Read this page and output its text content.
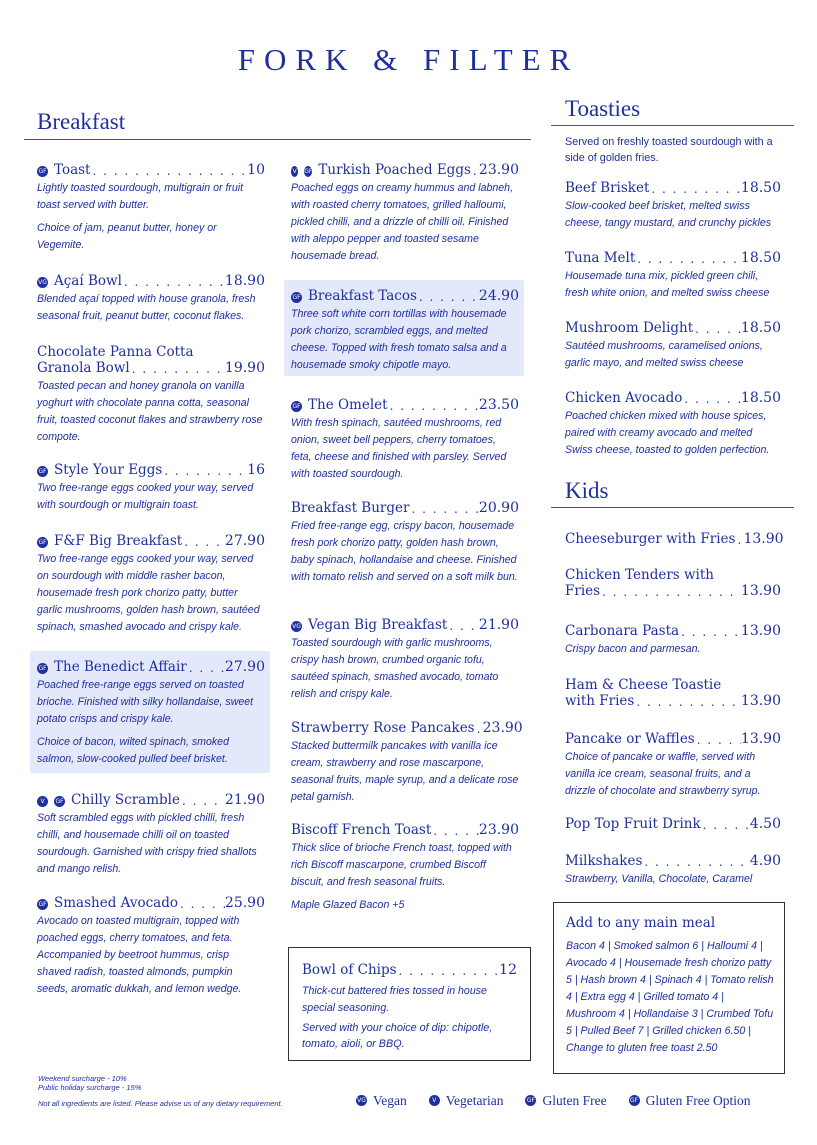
FORK & FILTER
Breakfast
Toasties
Kids
GF Toast . . .	10
Lightly toasted sourdough, multigrain or fruit toast served with butter.
Choice of jam, peanut butter, honey or Vegemite.
VG Açaí Bowl . . .	18.90
Blended açaí topped with house granola, fresh seasonal fruit, peanut butter, coconut flakes.
Chocolate Panna Cotta
Granola Bowl . . .	19.90
Toasted pecan and honey granola on vanilla yoghurt with chocolate panna cotta, seasonal fruit, toasted coconut flakes and strawberry rose compote.
GF Style Your Eggs . . .	16
Two free-range eggs cooked your way, served with sourdough or multigrain toast.
GF F&F Big Breakfast . . .	27.90
Two free-range eggs cooked your way, served on sourdough with middle rasher bacon, housemade fresh pork chorizo patty, butter garlic mushrooms, golden hash brown, sautéed spinach, smashed avocado and crispy kale.
GF The Benedict Affair . . .	27.90
Poached free-range eggs served on toasted brioche. Finished with silky hollandaise, sweet potato crisps and crispy kale.
Choice of bacon, wilted spinach, smoked salmon, slow-cooked pulled beef brisket.
V	GF Chilly Scramble . . .	21.90
Soft scrambled eggs with pickled chilli, fresh chilli, and housemade chilli oil on toasted sourdough. Garnished with crispy fried shallots and mango relish.
GF Smashed Avocado . . .	25.90
Avocado on toasted multigrain, topped with poached eggs, cherry tomatoes, and feta. Accompanied by beetroot hummus, crisp shaved radish, toasted almonds, pumpkin seeds, aromatic dukkah, and lemon wedge.
V GF Turkish Poached Eggs . . . 23.90
Poached eggs on creamy hummus and labneh, with roasted cherry tomatoes, grilled halloumi, pickled chilli, and a drizzle of chilli oil. Finished with aleppo pepper and toasted sesame housemade bread.
GF Breakfast Tacos . . .	24.90
Three soft white corn tortillas with housemade pork chorizo, scrambled eggs, and melted cheese. Topped with fresh tomato salsa and a housemade smoky chipotle mayo.
GF The Omelet . . .	23.50
With fresh spinach, sautéed mushrooms, red onion, sweet bell peppers, cherry tomatoes, feta, cheese and finished with parsley. Served with toasted sourdough.
Breakfast Burger . . .	20.90
Fried free-range egg, crispy bacon, housemade fresh pork chorizo patty, golden hash brown, baby spinach, hollandaise and cheese. Finished with tomato relish and served on a soft milk bun.
VG Vegan Big Breakfast . . . 21.90
Toasted sourdough with garlic mushrooms, crispy hash brown, crumbed organic tofu, sautéed spinach, smashed avocado, tomato relish and crispy kale.
Strawberry Rose Pancakes . . . 23.90
Stacked buttermilk pancakes with vanilla ice cream, strawberry and rose mascarpone, seasonal fruits, maple syrup, and a delicate rose petal garnish.
Biscoff French Toast . . .	23.90
Thick slice of brioche French toast, topped with rich Biscoff mascarpone, crumbed Biscoff biscuit, and fresh seasonal fruits.
Maple Glazed Bacon +5
Served on freshly toasted sourdough with a side of golden fries.
Beef Brisket . . .	18.50
Slow-cooked beef brisket, melted swiss cheese, tangy mustard, and crunchy pickles
Tuna Melt . . .	18.50
Housemade tuna mix, pickled green chili, fresh white onion, and melted swiss cheese
Mushroom Delight . . .	18.50
Sautéed mushrooms, caramelised onions, garlic mayo, and melted swiss cheese
Chicken Avocado . . .	18.50
Poached chicken mixed with house spices, paired with creamy avocado and melted Swiss cheese, toasted to golden perfection.
Cheeseburger with Fries . . . 13.90
Chicken Tenders with
Fries . . .	13.90
Carbonara Pasta . . .	13.90
Crispy bacon and parmesan.
Ham & Cheese Toastie
with Fries . . .	13.90
Pancake or Waffles . . .	13.90
Choice of pancake or waffle, served with vanilla ice cream, seasonal fruits, and a drizzle of chocolate and strawberry syrup.
Pop Top Fruit Drink . . .	4.50
Milkshakes . . .	4.90
Strawberry, Vanilla, Chocolate, Caramel
Bowl of Chips . . .	12
Thick-cut battered fries tossed in house special seasoning.
Served with your choice of dip: chipotle, tomato, aioli, or BBQ.
Add to any main meal
Bacon 4 | Smoked salmon 6 | Halloumi 4 | Avocado 4 | Housemade fresh chorizo patty 5 | Hash brown 4 | Spinach 4 | Tomato relish 4 | Extra egg 4 | Grilled tomato 4 | Mushroom 4 | Hollandaise 3 | Crumbed Tofu 5 | Pulled Beef 7 | Grilled chicken 6.50 | Change to gluten free toast 2.50
Weekend surcharge - 10%
Public holiday surcharge - 15%
Not all ingredients are listed. Please advise us of any dietary requirement.	VG Vegan	V Vegetarian	GF Gluten Free	GF Gluten Free Option
